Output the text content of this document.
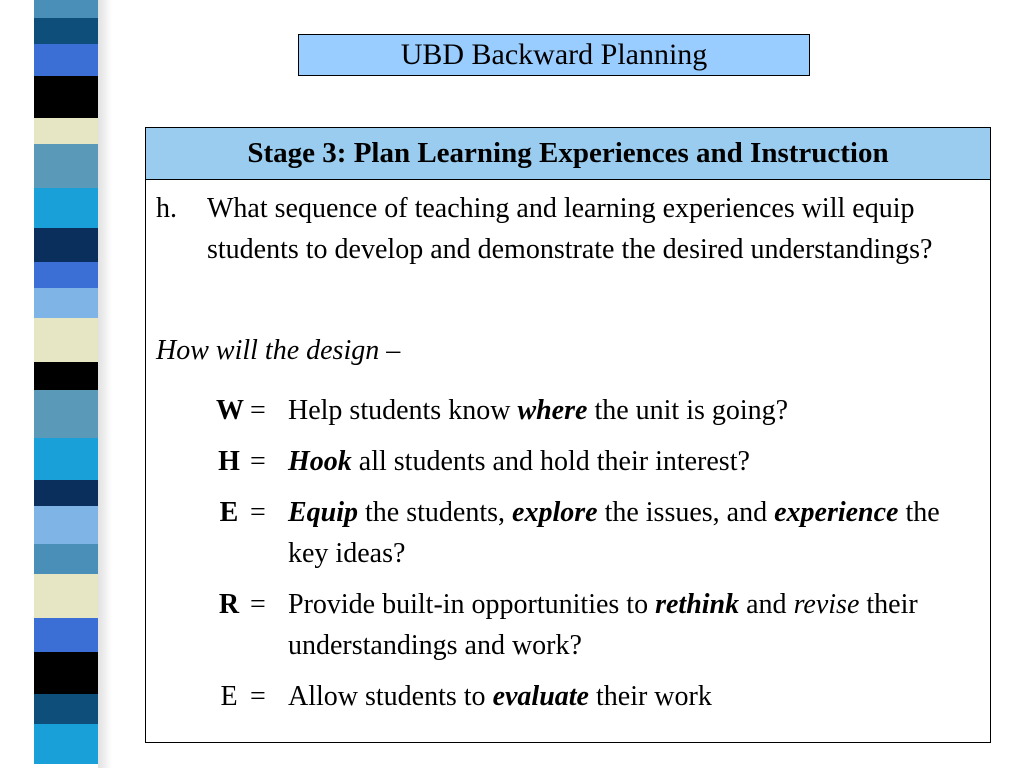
UBD Backward Planning
Stage 3: Plan Learning Experiences and Instruction
h. What sequence of teaching and learning experiences will equip students to develop and demonstrate the desired understandings?
How will the design –
W = Help students know where the unit is going?
H = Hook all students and hold their interest?
E = Equip the students, explore the issues, and experience the key ideas?
R = Provide built-in opportunities to rethink and revise their understandings and work?
E = Allow students to evaluate their work
